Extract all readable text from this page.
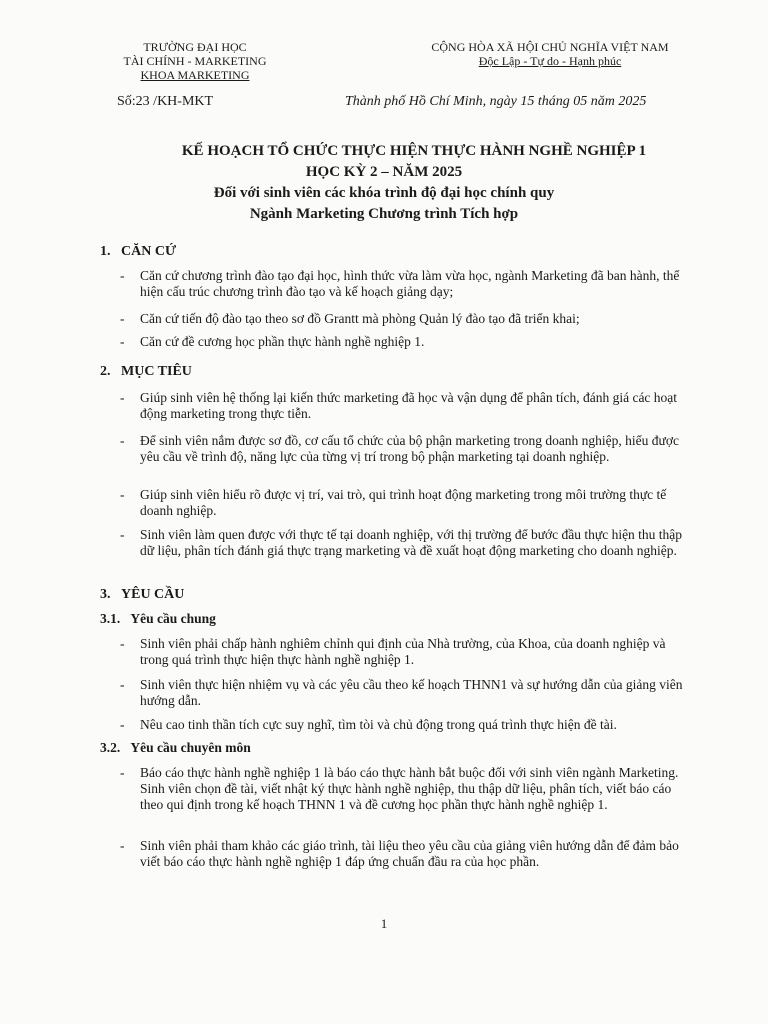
TRƯỜNG ĐẠI HỌC
TÀI CHÍNH - MARKETING
KHOA MARKETING
CỘNG HÒA XÃ HỘI CHỦ NGHĨA VIỆT NAM
Độc Lập - Tự do - Hạnh phúc
Số:23 /KH-MKT	Thành phố Hồ Chí Minh, ngày 15 tháng 05 năm 2025
KẾ HOẠCH TỔ CHỨC THỰC HIỆN THỰC HÀNH NGHỀ NGHIỆP 1
HỌC KỲ 2 – NĂM 2025
Đối với sinh viên các khóa trình độ đại học chính quy
Ngành Marketing Chương trình Tích hợp
1. CĂN CỨ
- Căn cứ chương trình đào tạo đại học, hình thức vừa làm vừa học, ngành Marketing đã ban hành, thể hiện cấu trúc chương trình đào tạo và kế hoạch giảng dạy;
- Căn cứ tiến độ đào tạo theo sơ đồ Grantt mà phòng Quản lý đào tạo đã triển khai;
- Căn cứ đề cương học phần thực hành nghề nghiệp 1.
2. MỤC TIÊU
- Giúp sinh viên hệ thống lại kiến thức marketing đã học và vận dụng để phân tích, đánh giá các hoạt động marketing trong thực tiễn.
- Để sinh viên nắm được sơ đồ, cơ cấu tổ chức của bộ phận marketing trong doanh nghiệp, hiểu được yêu cầu về trình độ, năng lực của từng vị trí trong bộ phận marketing tại doanh nghiệp.
- Giúp sinh viên hiểu rõ được vị trí, vai trò, qui trình hoạt động marketing trong môi trường thực tế doanh nghiệp.
- Sinh viên làm quen được với thực tế tại doanh nghiệp, với thị trường để bước đầu thực hiện thu thập dữ liệu, phân tích đánh giá thực trạng marketing và đề xuất hoạt động marketing cho doanh nghiệp.
3. YÊU CẦU
3.1. Yêu cầu chung
- Sinh viên phải chấp hành nghiêm chỉnh qui định của Nhà trường, của Khoa, của doanh nghiệp và trong quá trình thực hiện thực hành nghề nghiệp 1.
- Sinh viên thực hiện nhiệm vụ và các yêu cầu theo kế hoạch THNN1 và sự hướng dẫn của giảng viên hướng dẫn.
- Nêu cao tinh thần tích cực suy nghĩ, tìm tòi và chủ động trong quá trình thực hiện đề tài.
3.2. Yêu cầu chuyên môn
- Báo cáo thực hành nghề nghiệp 1 là báo cáo thực hành bắt buộc đối với sinh viên ngành Marketing. Sinh viên chọn đề tài, viết nhật ký thực hành nghề nghiệp, thu thập dữ liệu, phân tích, viết báo cáo theo qui định trong kế hoạch THNN 1 và đề cương học phần thực hành nghề nghiệp 1.
- Sinh viên phải tham khảo các giáo trình, tài liệu theo yêu cầu của giảng viên hướng dẫn để đảm bảo viết báo cáo thực hành nghề nghiệp 1 đáp ứng chuẩn đầu ra của học phần.
1
